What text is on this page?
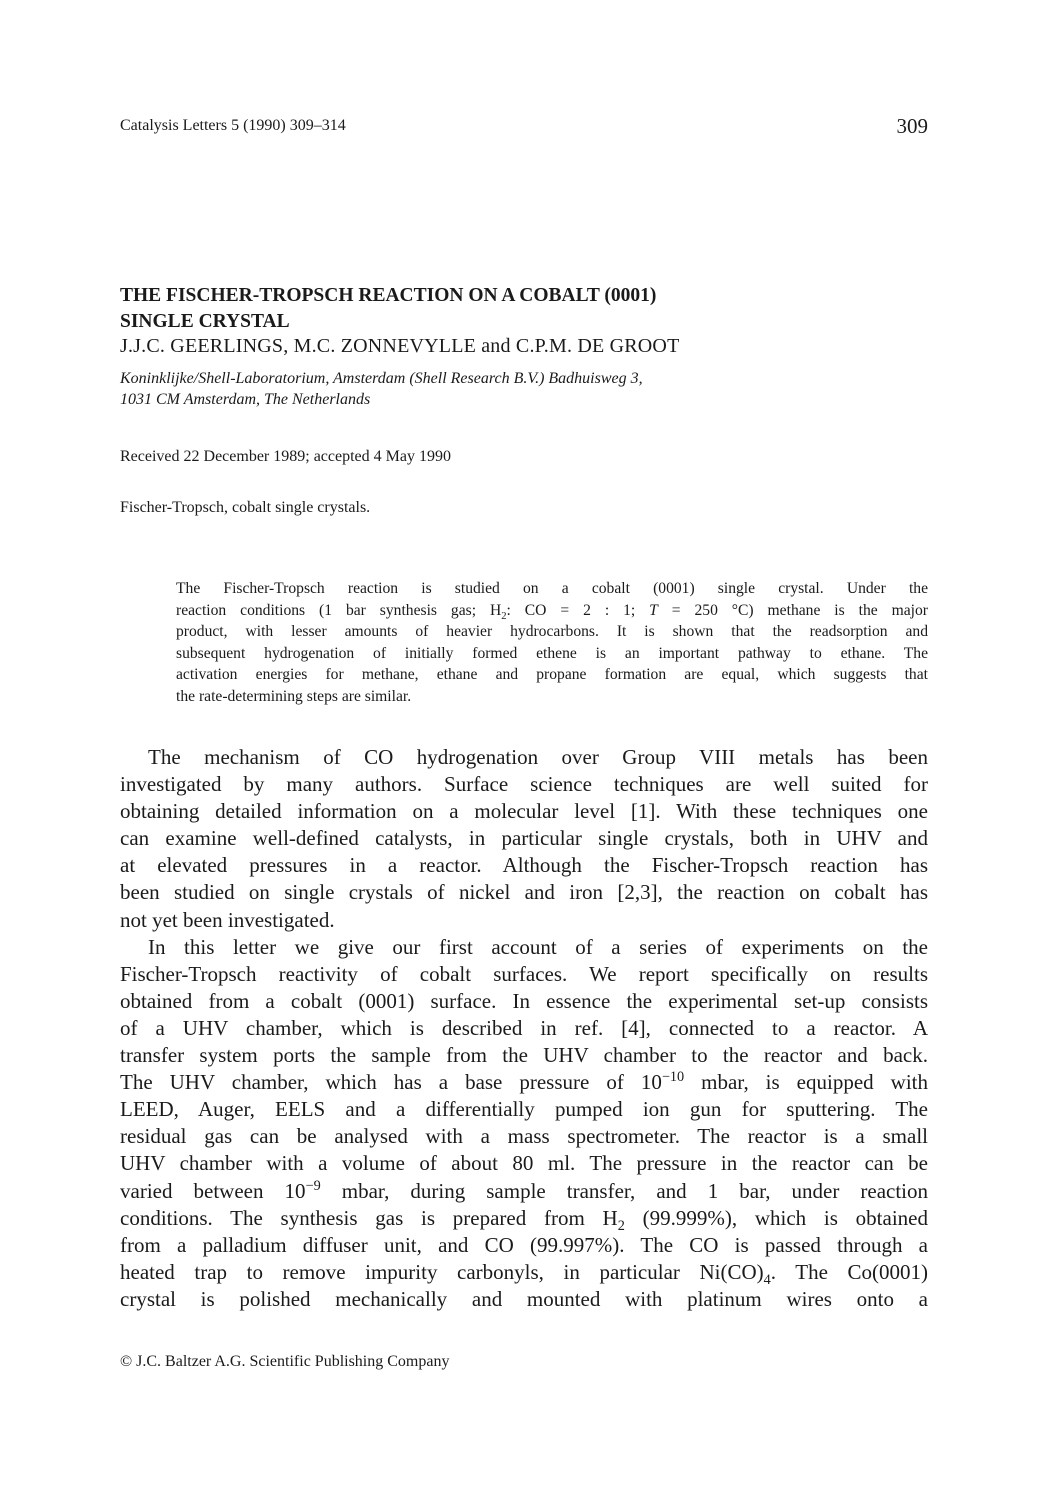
Catalysis Letters 5 (1990) 309–314	309
THE FISCHER-TROPSCH REACTION ON A COBALT (0001)
SINGLE CRYSTAL
J.J.C. GEERLINGS, M.C. ZONNEVYLLE and C.P.M. DE GROOT
Koninklijke/Shell-Laboratorium, Amsterdam (Shell Research B.V.) Badhuisweg 3,
1031 CM Amsterdam, The Netherlands
Received 22 December 1989; accepted 4 May 1990
Fischer-Tropsch, cobalt single crystals.
The Fischer-Tropsch reaction is studied on a cobalt (0001) single crystal. Under the
reaction conditions (1 bar synthesis gas; $H_2$: CO = 2 : 1; T = 250 °C) methane is the major
product, with lesser amounts of heavier hydrocarbons. It is shown that the readsorption and
subsequent hydrogenation of initially formed ethene is an important pathway to ethane. The
activation energies for methane, ethane and propane formation are equal, which suggests that
the rate-determining steps are similar.
The mechanism of CO hydrogenation over Group VIII metals has been
investigated by many authors. Surface science techniques are well suited for
obtaining detailed information on a molecular level [1]. With these techniques one
can examine well-defined catalysts, in particular single crystals, both in UHV and
at elevated pressures in a reactor. Although the Fischer-Tropsch reaction has
been studied on single crystals of nickel and iron [2,3], the reaction on cobalt has
not yet been investigated.
In this letter we give our first account of a series of experiments on the
Fischer-Tropsch reactivity of cobalt surfaces. We report specifically on results
obtained from a cobalt (0001) surface. In essence the experimental set-up consists
of a UHV chamber, which is described in ref. [4], connected to a reactor. A
transfer system ports the sample from the UHV chamber to the reactor and back.
The UHV chamber, which has a base pressure of $10^{-10}$ mbar, is equipped with
LEED, Auger, EELS and a differentially pumped ion gun for sputtering. The
residual gas can be analysed with a mass spectrometer. The reactor is a small
UHV chamber with a volume of about 80 ml. The pressure in the reactor can be
varied between $10^{-9}$ mbar, during sample transfer, and 1 bar, under reaction
conditions. The synthesis gas is prepared from $H_2$ (99.999%), which is obtained
from a palladium diffuser unit, and CO (99.997%). The CO is passed through a
heated trap to remove impurity carbonyls, in particular $Ni(CO)_4$. The Co(0001)
crystal is polished mechanically and mounted with platinum wires onto a
© J.C. Baltzer A.G. Scientific Publishing Company
